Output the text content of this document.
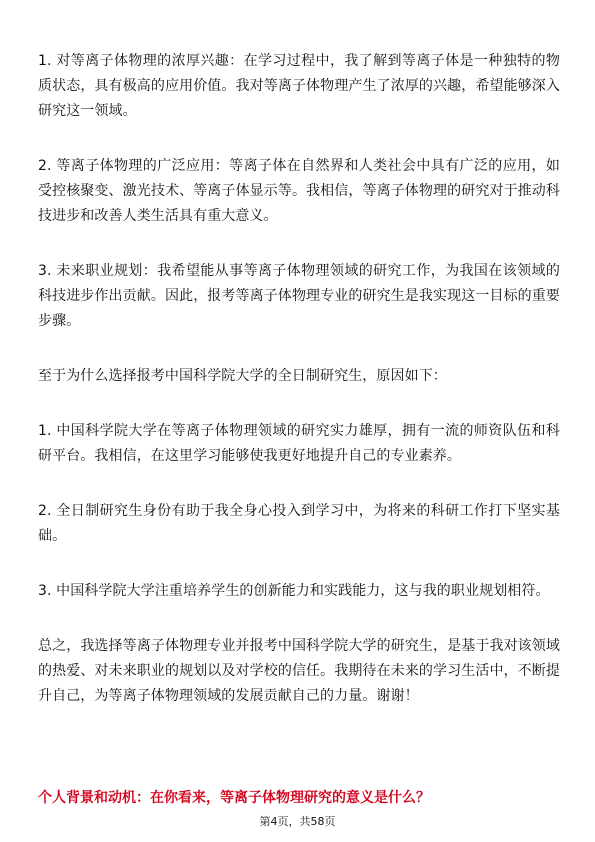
1. 对等离子体物理的浓厚兴趣：在学习过程中，我了解到等离子体是一种独特的物质状态，具有极高的应用价值。我对等离子体物理产生了浓厚的兴趣，希望能够深入研究这一领域。

2. 等离子体物理的广泛应用：等离子体在自然界和人类社会中具有广泛的应用，如受控核聚变、激光技术、等离子体显示等。我相信，等离子体物理的研究对于推动科技进步和改善人类生活具有重大意义。

3. 未来职业规划：我希望能从事等离子体物理领域的研究工作，为我国在该领域的科技进步作出贡献。因此，报考等离子体物理专业的研究生是我实现这一目标的重要步骤。

至于为什么选择报考中国科学院大学的全日制研究生，原因如下：

1. 中国科学院大学在等离子体物理领域的研究实力雄厚，拥有一流的师资队伍和科研平台。我相信，在这里学习能够使我更好地提升自己的专业素养。

2. 全日制研究生身份有助于我全身心投入到学习中，为将来的科研工作打下坚实基础。

3. 中国科学院大学注重培养学生的创新能力和实践能力，这与我的职业规划相符。

总之，我选择等离子体物理专业并报考中国科学院大学的研究生，是基于我对该领域的热爱、对未来职业的规划以及对学校的信任。我期待在未来的学习生活中，不断提升自己，为等离子体物理领域的发展贡献自己的力量。谢谢！

个人背景和动机：在你看来，等离子体物理研究的意义是什么？

第4页，共58页
